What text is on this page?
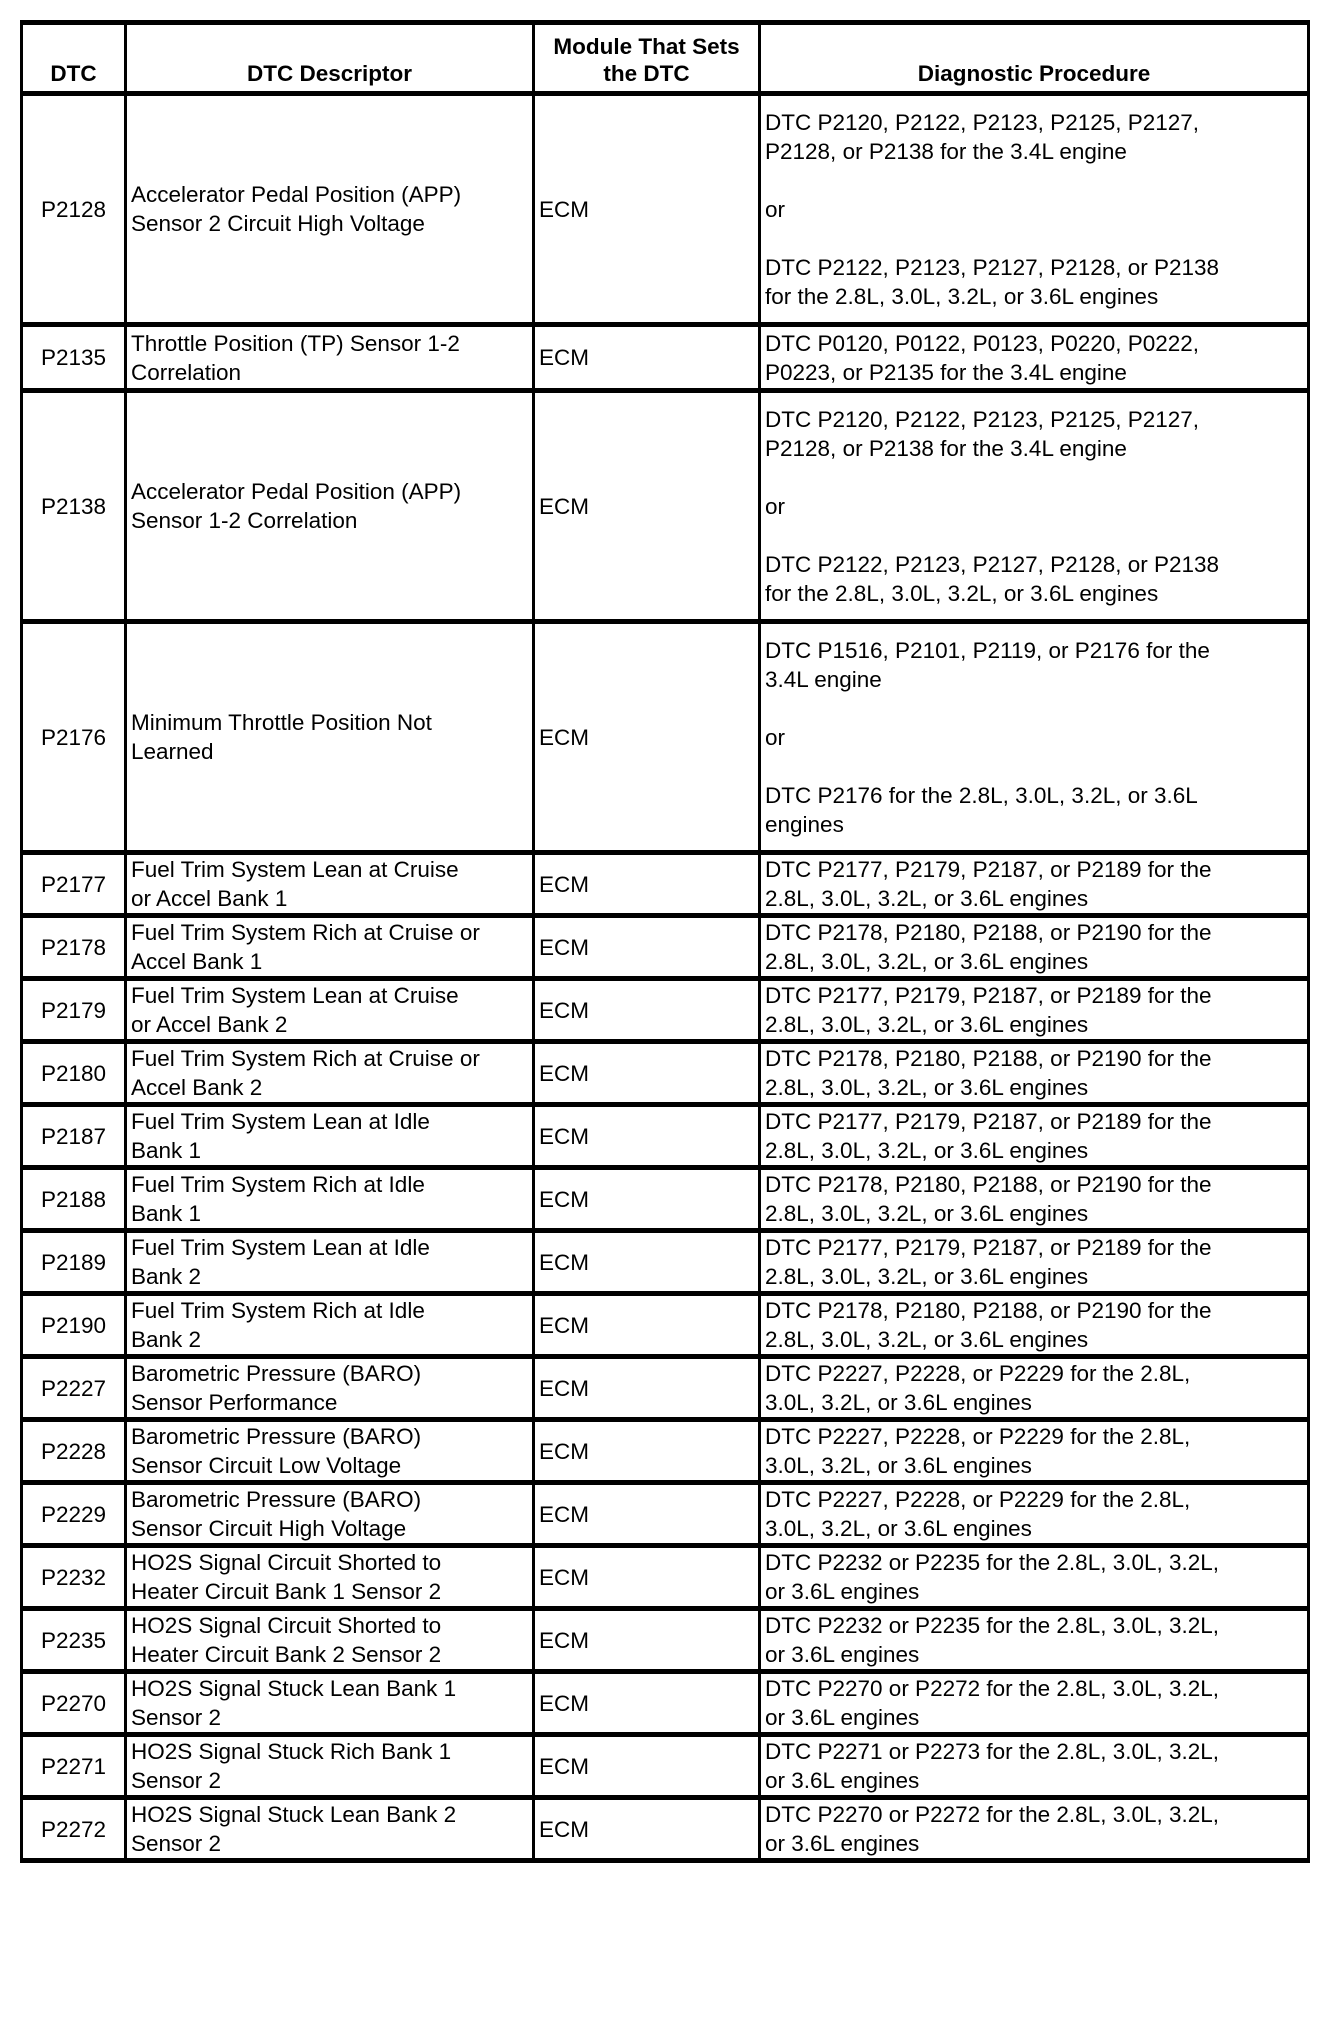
DTC	DTC Descriptor	Module That Sets
the DTC	Diagnostic Procedure
P2128	Accelerator Pedal Position (APP)
Sensor 2 Circuit High Voltage	ECM	DTC P2120, P2122, P2123, P2125, P2127,
P2128, or P2138 for the 3.4L engine

or

DTC P2122, P2123, P2127, P2128, or P2138
for the 2.8L, 3.0L, 3.2L, or 3.6L engines
P2135	Throttle Position (TP) Sensor 1-2
Correlation	ECM	DTC P0120, P0122, P0123, P0220, P0222,
P0223, or P2135 for the 3.4L engine
P2138	Accelerator Pedal Position (APP)
Sensor 1-2 Correlation	ECM	DTC P2120, P2122, P2123, P2125, P2127,
P2128, or P2138 for the 3.4L engine

or

DTC P2122, P2123, P2127, P2128, or P2138
for the 2.8L, 3.0L, 3.2L, or 3.6L engines
P2176	Minimum Throttle Position Not
Learned	ECM	DTC P1516, P2101, P2119, or P2176 for the
3.4L engine

or

DTC P2176 for the 2.8L, 3.0L, 3.2L, or 3.6L
engines
P2177	Fuel Trim System Lean at Cruise
or Accel Bank 1	ECM	DTC P2177, P2179, P2187, or P2189 for the
2.8L, 3.0L, 3.2L, or 3.6L engines
P2178	Fuel Trim System Rich at Cruise or
Accel Bank 1	ECM	DTC P2178, P2180, P2188, or P2190 for the
2.8L, 3.0L, 3.2L, or 3.6L engines
P2179	Fuel Trim System Lean at Cruise
or Accel Bank 2	ECM	DTC P2177, P2179, P2187, or P2189 for the
2.8L, 3.0L, 3.2L, or 3.6L engines
P2180	Fuel Trim System Rich at Cruise or
Accel Bank 2	ECM	DTC P2178, P2180, P2188, or P2190 for the
2.8L, 3.0L, 3.2L, or 3.6L engines
P2187	Fuel Trim System Lean at Idle
Bank 1	ECM	DTC P2177, P2179, P2187, or P2189 for the
2.8L, 3.0L, 3.2L, or 3.6L engines
P2188	Fuel Trim System Rich at Idle
Bank 1	ECM	DTC P2178, P2180, P2188, or P2190 for the
2.8L, 3.0L, 3.2L, or 3.6L engines
P2189	Fuel Trim System Lean at Idle
Bank 2	ECM	DTC P2177, P2179, P2187, or P2189 for the
2.8L, 3.0L, 3.2L, or 3.6L engines
P2190	Fuel Trim System Rich at Idle
Bank 2	ECM	DTC P2178, P2180, P2188, or P2190 for the
2.8L, 3.0L, 3.2L, or 3.6L engines
P2227	Barometric Pressure (BARO)
Sensor Performance	ECM	DTC P2227, P2228, or P2229 for the 2.8L,
3.0L, 3.2L, or 3.6L engines
P2228	Barometric Pressure (BARO)
Sensor Circuit Low Voltage	ECM	DTC P2227, P2228, or P2229 for the 2.8L,
3.0L, 3.2L, or 3.6L engines
P2229	Barometric Pressure (BARO)
Sensor Circuit High Voltage	ECM	DTC P2227, P2228, or P2229 for the 2.8L,
3.0L, 3.2L, or 3.6L engines
P2232	HO2S Signal Circuit Shorted to
Heater Circuit Bank 1 Sensor 2	ECM	DTC P2232 or P2235 for the 2.8L, 3.0L, 3.2L,
or 3.6L engines
P2235	HO2S Signal Circuit Shorted to
Heater Circuit Bank 2 Sensor 2	ECM	DTC P2232 or P2235 for the 2.8L, 3.0L, 3.2L,
or 3.6L engines
P2270	HO2S Signal Stuck Lean Bank 1
Sensor 2	ECM	DTC P2270 or P2272 for the 2.8L, 3.0L, 3.2L,
or 3.6L engines
P2271	HO2S Signal Stuck Rich Bank 1
Sensor 2	ECM	DTC P2271 or P2273 for the 2.8L, 3.0L, 3.2L,
or 3.6L engines
P2272	HO2S Signal Stuck Lean Bank 2
Sensor 2	ECM	DTC P2270 or P2272 for the 2.8L, 3.0L, 3.2L,
or 3.6L engines
